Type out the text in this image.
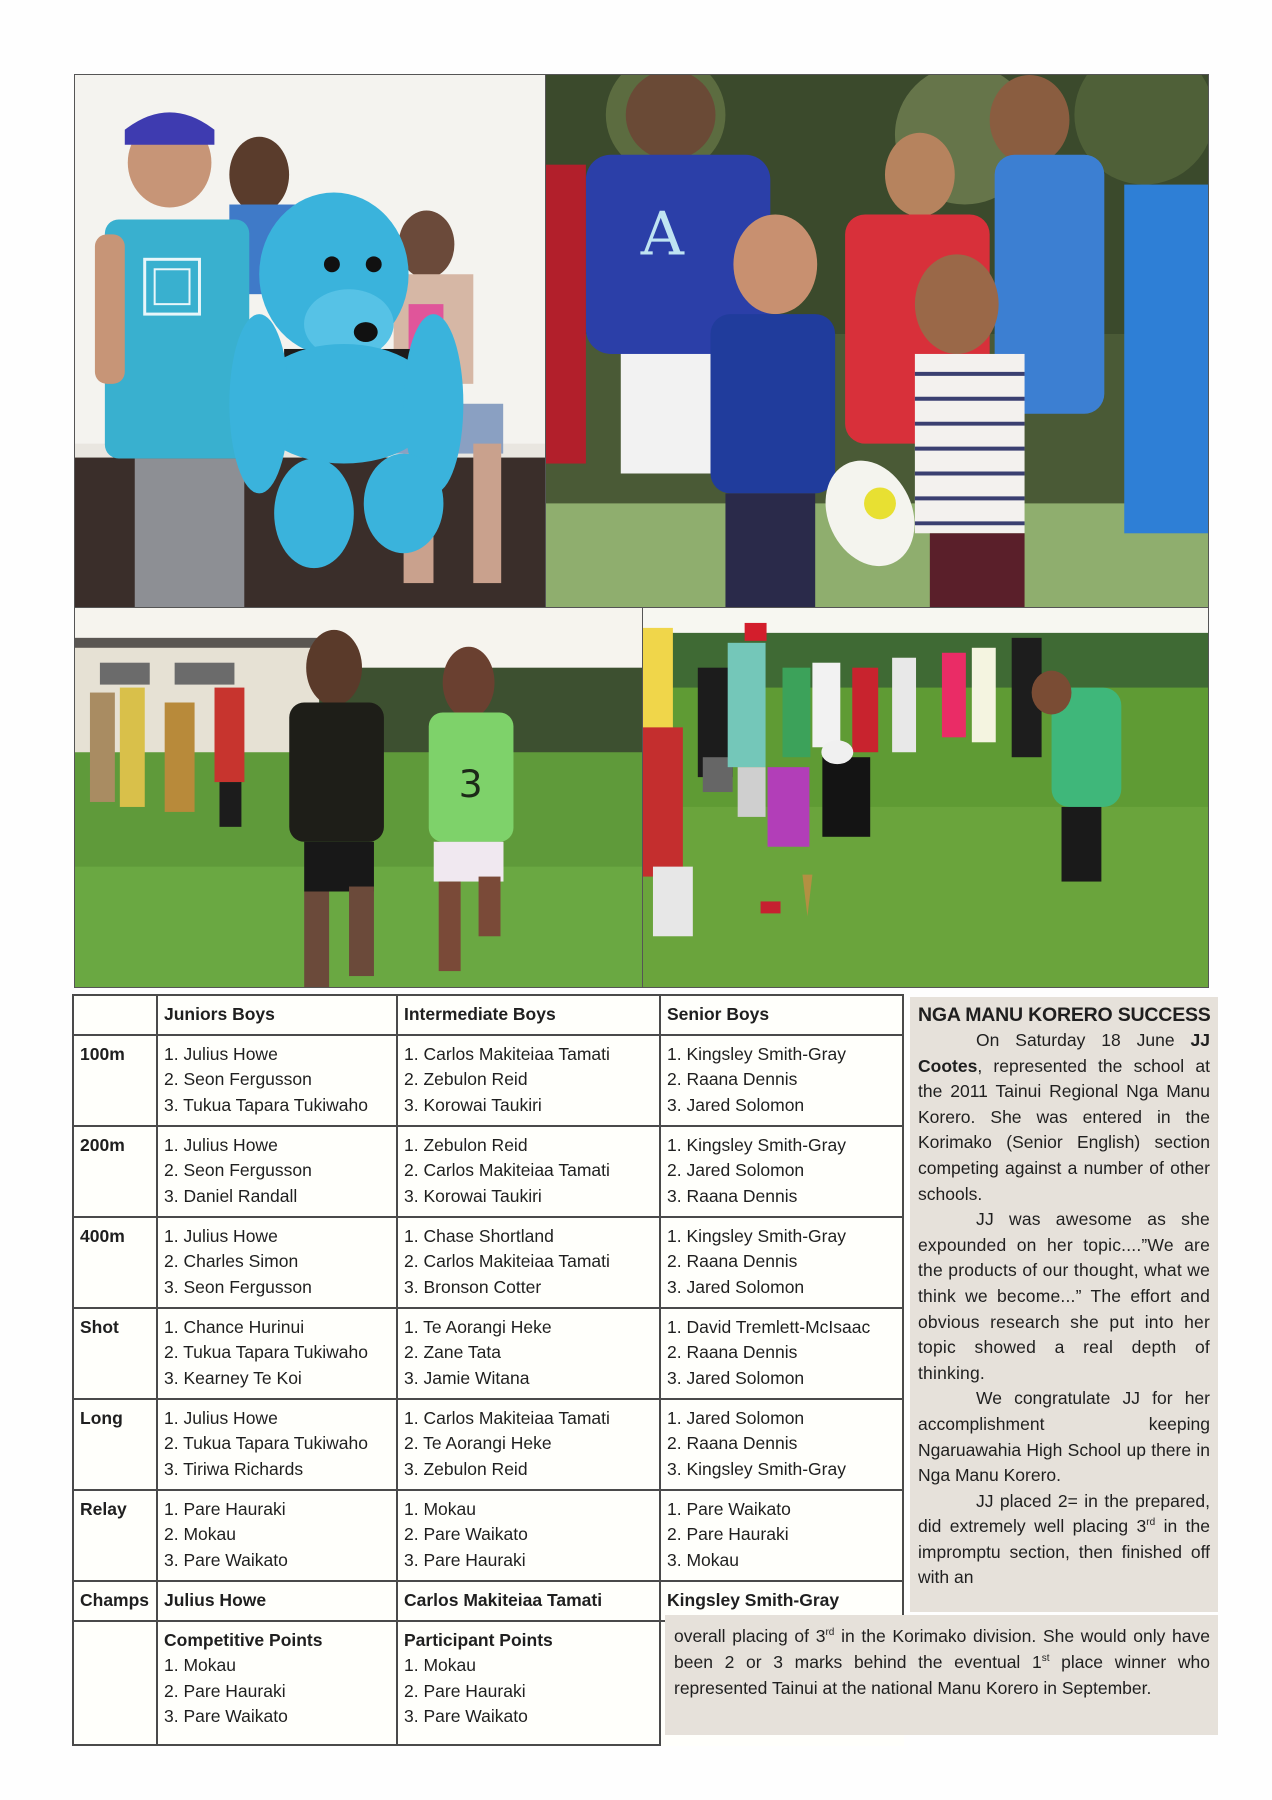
A
3
	Juniors Boys	Intermediate Boys	Senior Boys
100m	1. Julius Howe
2. Seon Fergusson
3. Tukua Tapara Tukiwaho	1. Carlos Makiteiaa Tamati
2. Zebulon Reid
3. Korowai Taukiri	1. Kingsley Smith-Gray
2. Raana Dennis
3. Jared Solomon

200m	1. Julius Howe
2. Seon Fergusson
3. Daniel Randall	1. Zebulon Reid
2. Carlos Makiteiaa Tamati
3. Korowai Taukiri	1. Kingsley Smith-Gray
2. Jared Solomon
3. Raana Dennis

400m	1. Julius Howe
2. Charles Simon
3. Seon Fergusson	1. Chase Shortland
2. Carlos Makiteiaa Tamati
3. Bronson Cotter	1. Kingsley Smith-Gray
2. Raana Dennis
3. Jared Solomon

Shot	1. Chance Hurinui
2. Tukua Tapara Tukiwaho
3. Kearney Te Koi	1. Te Aorangi Heke
2. Zane Tata
3. Jamie Witana	1. David Tremlett-McIsaac
2. Raana Dennis
3. Jared Solomon

Long	1. Julius Howe
2. Tukua Tapara Tukiwaho
3. Tiriwa Richards	1. Carlos Makiteiaa Tamati
2. Te Aorangi Heke
3. Zebulon Reid	1. Jared Solomon
2. Raana Dennis
3. Kingsley Smith-Gray

Relay	1. Pare Hauraki
2. Mokau
3. Pare Waikato	1. Mokau
2. Pare Waikato
3. Pare Hauraki	1. Pare Waikato
2. Pare Hauraki
3. Mokau

Champs	Julius Howe	Carlos Makiteiaa Tamati	Kingsley Smith-Gray

	Competitive Points
1. Mokau
2. Pare Hauraki
3. Pare Waikato	Participant Points
1. Mokau
2. Pare Hauraki
3. Pare Waikato	

NGA MANU KORERO SUCCESS

On Saturday 18 June JJ Cootes, represented the school at the 2011 Tainui Regional Nga Manu Korero. She was entered in the Korimako (Senior English) section competing against a number of other schools.

JJ was awesome as she expounded on her topic....”We are the products of our thought, what we think we become...” The effort and obvious research she put into her topic showed a real depth of thinking.

We congratulate JJ for her accomplishment keeping Ngaruawahia High School up there in Nga Manu Korero.

JJ placed 2= in the prepared, did extremely well placing 3rd in the impromptu section, then finished off with an

overall placing of 3rd in the Korimako division. She would only have been 2 or 3 marks behind the eventual 1st place winner who represented Tainui at the national Manu Korero in September.
